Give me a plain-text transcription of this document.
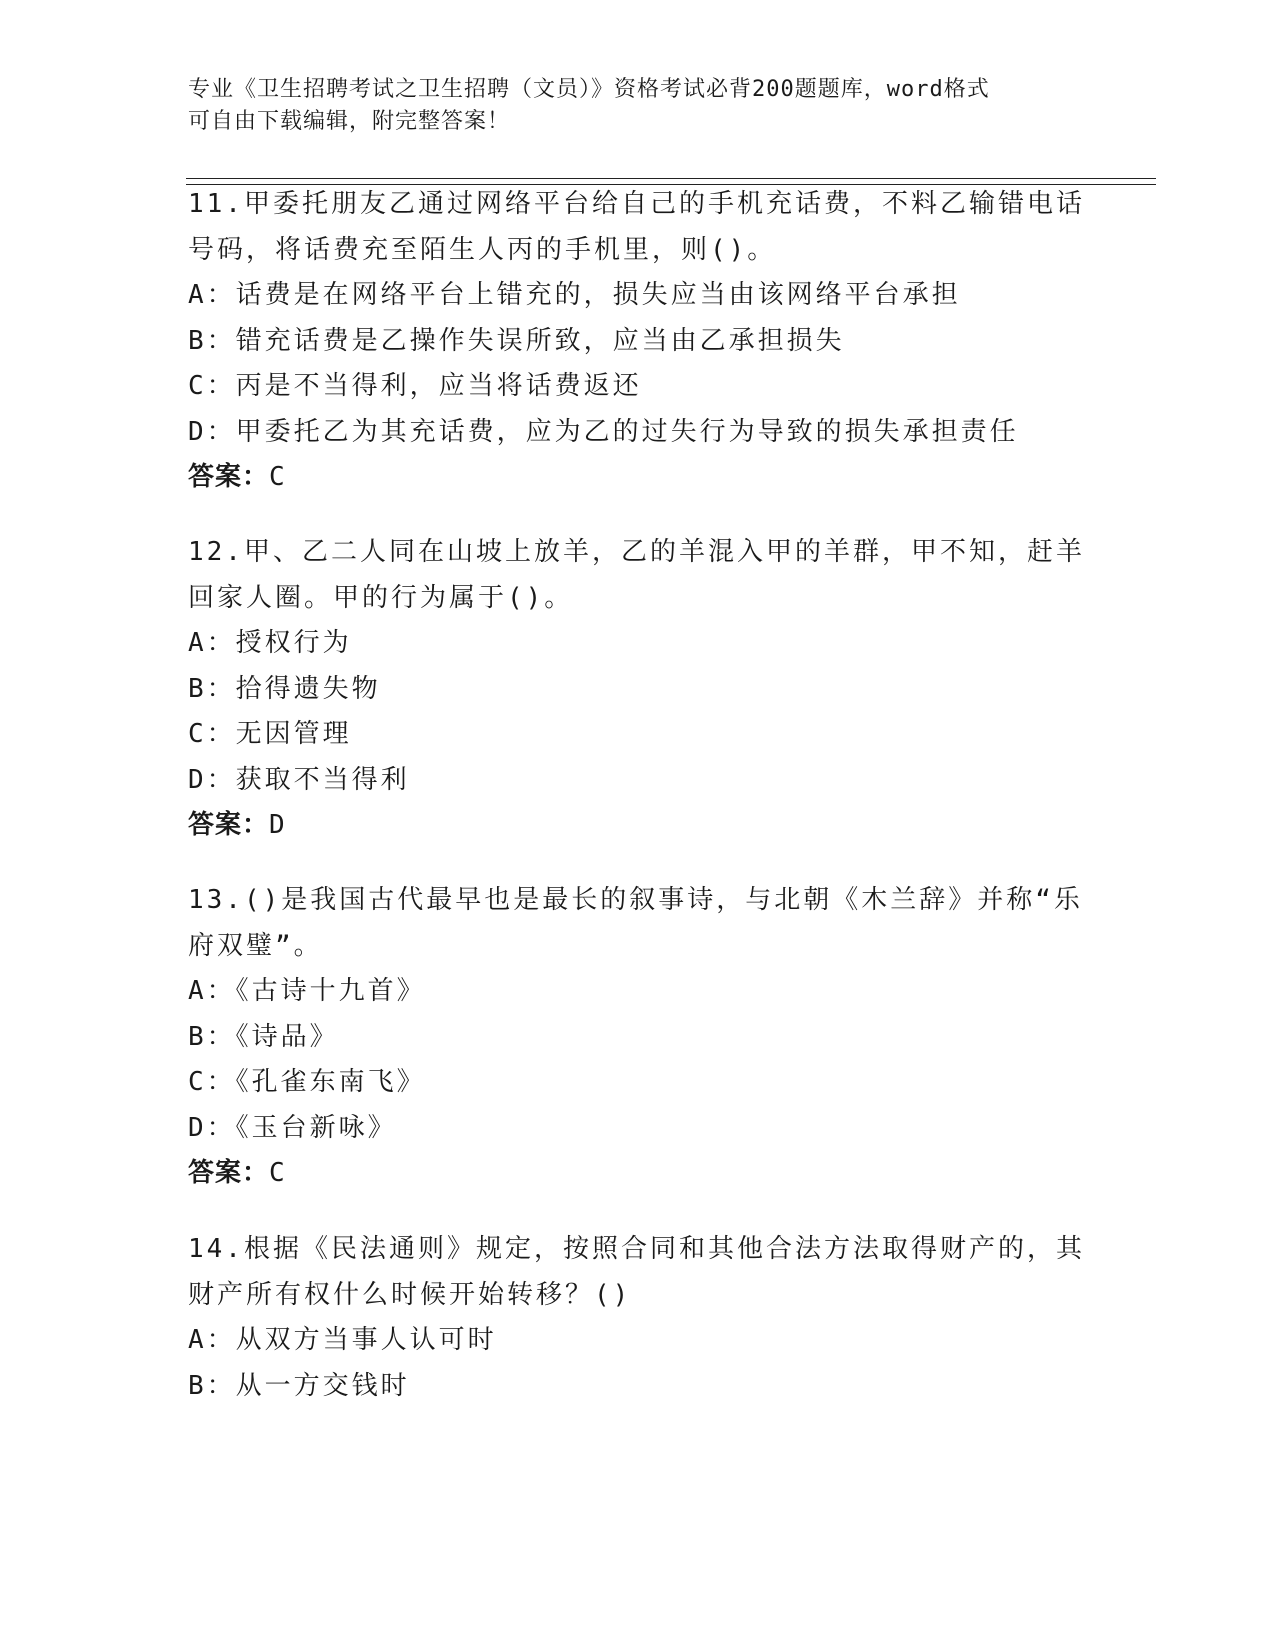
专业《卫生招聘考试之卫生招聘（文员）》资格考试必背200题题库，word格式
可自由下载编辑，附完整答案！
11.甲委托朋友乙通过网络平台给自己的手机充话费，不料乙输错电话
号码，将话费充至陌生人丙的手机里，则()。
A：话费是在网络平台上错充的，损失应当由该网络平台承担
B：错充话费是乙操作失误所致，应当由乙承担损失
C：丙是不当得利，应当将话费返还
D：甲委托乙为其充话费，应为乙的过失行为导致的损失承担责任
答案：C
12.甲、乙二人同在山坡上放羊，乙的羊混入甲的羊群，甲不知，赶羊
回家人圈。甲的行为属于()。
A：授权行为
B：拾得遗失物
C：无因管理
D：获取不当得利
答案：D
13.()是我国古代最早也是最长的叙事诗，与北朝《木兰辞》并称“乐
府双璧”。
A：《古诗十九首》
B：《诗品》
C：《孔雀东南飞》
D：《玉台新咏》
答案：C
14.根据《民法通则》规定，按照合同和其他合法方法取得财产的，其
财产所有权什么时候开始转移？()
A：从双方当事人认可时
B：从一方交钱时
